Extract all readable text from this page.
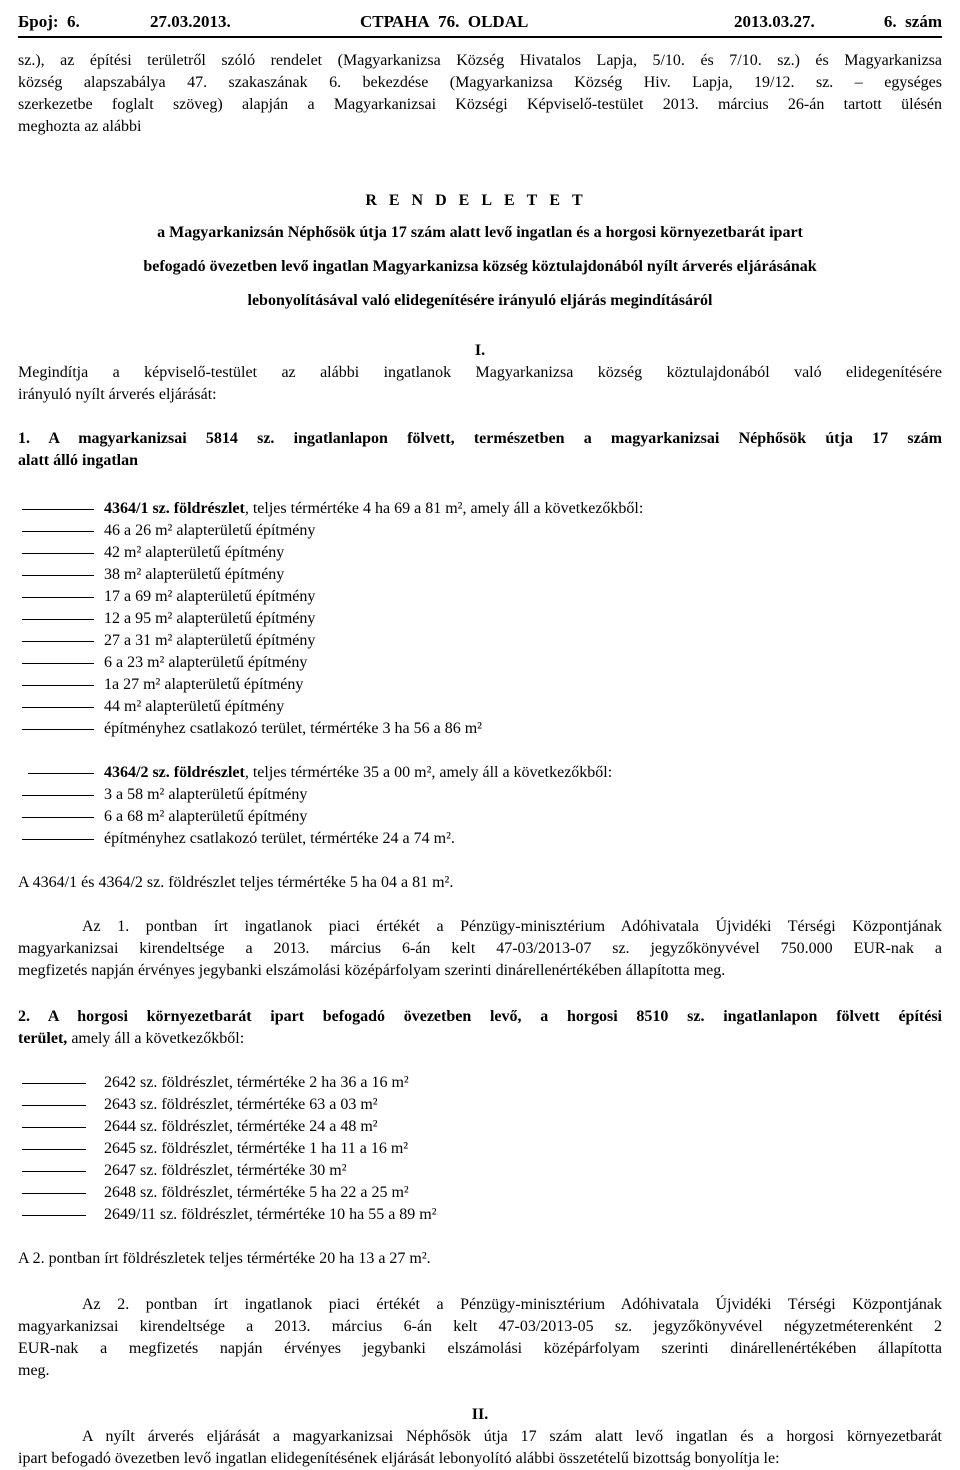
Број:  6.	27.03.2013.	СТРАНА  76.  OLDAL	2013.03.27.	6.  szám
sz.), az építési területről szóló rendelet (Magyarkanizsa Község Hivatalos Lapja, 5/10. és 7/10. sz.) és Magyarkanizsa
község alapszabálya 47. szakaszának 6. bekezdése (Magyarkanizsa Község Hiv. Lapja, 19/12. sz. – egységes
szerkezetbe foglalt szöveg) alapján a Magyarkanizsai Községi Képviselő-testület 2013. március 26-án tartott ülésén
meghozta az alábbi
RENDELETET
a Magyarkanizsán Néphősök útja 17 szám alatt levő ingatlan és a horgosi környezetbarát ipart
befogadó övezetben levő ingatlan Magyarkanizsa község köztulajdonából nyílt árverés eljárásának
lebonyolításával való elidegenítésére irányuló eljárás megindításáról
I.
Megindítja a képviselő-testület az alábbi ingatlanok Magyarkanizsa község köztulajdonából való elidegenítésére
irányuló nyílt árverés eljárását:
1. A magyarkanizsai 5814 sz. ingatlanlapon fölvett, természetben a magyarkanizsai Néphősök útja 17 szám
alatt álló ingatlan
4364/1 sz. földrészlet, teljes térmértéke 4 ha 69 a 81 m², amely áll a következőkből:
46 a 26 m² alapterületű építmény
42 m² alapterületű építmény
38 m² alapterületű építmény
17 a 69 m² alapterületű építmény
12 a 95 m² alapterületű építmény
27 a 31 m² alapterületű építmény
6 a 23 m² alapterületű építmény
1a 27 m² alapterületű építmény
44 m² alapterületű építmény
építményhez csatlakozó terület, térmértéke 3 ha 56 a 86 m²
4364/2 sz. földrészlet, teljes térmértéke 35 a 00 m², amely áll a következőkből:
3 a 58 m² alapterületű építmény
6 a 68 m² alapterületű építmény
építményhez csatlakozó terület, térmértéke 24 a 74 m².
A 4364/1 és 4364/2 sz. földrészlet teljes térmértéke 5 ha 04 a 81 m².
Az 1. pontban írt ingatlanok piaci értékét a Pénzügy-minisztérium Adóhivatala Újvidéki Térségi Központjának
magyarkanizsai kirendeltsége a 2013. március 6-án kelt 47-03/2013-07 sz. jegyzőkönyvével 750.000 EUR-nak a
megfizetés napján érvényes jegybanki elszámolási középárfolyam szerinti dinárellenértékében állapította meg.
2. A horgosi környezetbarát ipart befogadó övezetben levő, a horgosi 8510 sz. ingatlanlapon fölvett építési
terület, amely áll a következőkből:
2642 sz. földrészlet, térmértéke 2 ha 36 a 16 m²
2643 sz. földrészlet, térmértéke 63 a 03 m²
2644 sz. földrészlet, térmértéke 24 a 48 m²
2645 sz. földrészlet, térmértéke 1 ha 11 a 16 m²
2647 sz. földrészlet, térmértéke 30 m²
2648 sz. földrészlet, térmértéke 5 ha 22 a 25 m²
2649/11 sz. földrészlet, térmértéke 10 ha 55 a 89 m²
A 2. pontban írt földrészletek teljes térmértéke 20 ha 13 a 27 m².
Az 2. pontban írt ingatlanok piaci értékét a Pénzügy-minisztérium Adóhivatala Újvidéki Térségi Központjának
magyarkanizsai kirendeltsége a 2013. március 6-án kelt 47-03/2013-05 sz. jegyzőkönyvével négyzetméterenként 2
EUR-nak a megfizetés napján érvényes jegybanki elszámolási középárfolyam szerinti dinárellenértékében állapította
meg.
II.
A nyílt árverés eljárását a magyarkanizsai Néphősök útja 17 szám alatt levő ingatlan és a horgosi környezetbarát
ipart befogadó övezetben levő ingatlan elidegenítésének eljárását lebonyolító alábbi összetételű bizottság bonyolítja le:
